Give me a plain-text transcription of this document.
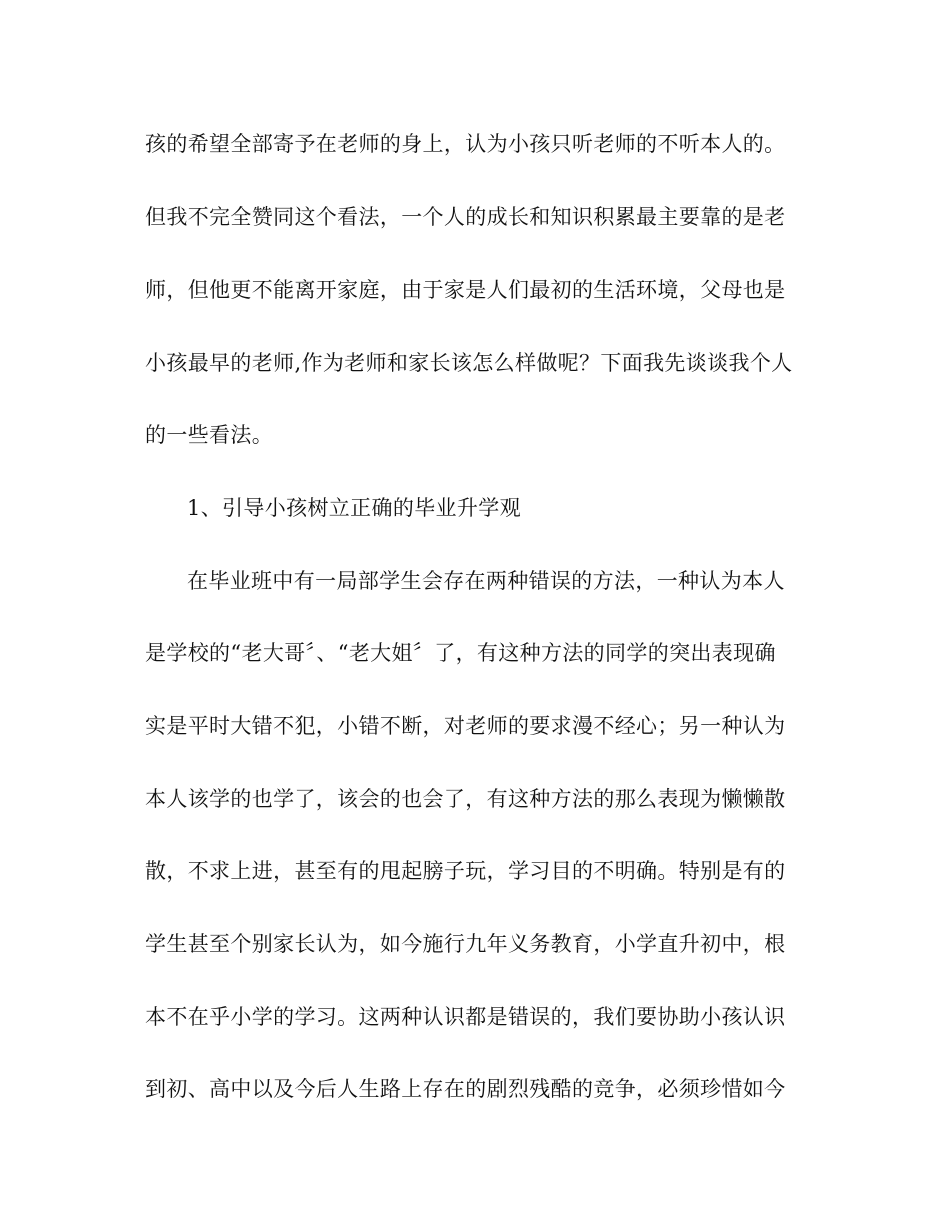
孩的希望全部寄予在老师的身上，认为小孩只听老师的不听本人的。
但我不完全赞同这个看法，一个人的成长和知识积累最主要靠的是老
师，但他更不能离开家庭，由于家是人们最初的生活环境，父母也是
小孩最早的老师,作为老师和家长该怎么样做呢？下面我先谈谈我个人
的一些看法。
1、引导小孩树立正确的毕业升学观
在毕业班中有一局部学生会存在两种错误的方法，一种认为本人
是学校的“老大哥〞、“老大姐〞了，有这种方法的同学的突出表现确
实是平时大错不犯，小错不断，对老师的要求漫不经心；另一种认为
本人该学的也学了，该会的也会了，有这种方法的那么表现为懒懒散
散，不求上进，甚至有的甩起膀子玩，学习目的不明确。特别是有的
学生甚至个别家长认为，如今施行九年义务教育，小学直升初中，根
本不在乎小学的学习。这两种认识都是错误的，我们要协助小孩认识
到初、高中以及今后人生路上存在的剧烈残酷的竞争，必须珍惜如今
